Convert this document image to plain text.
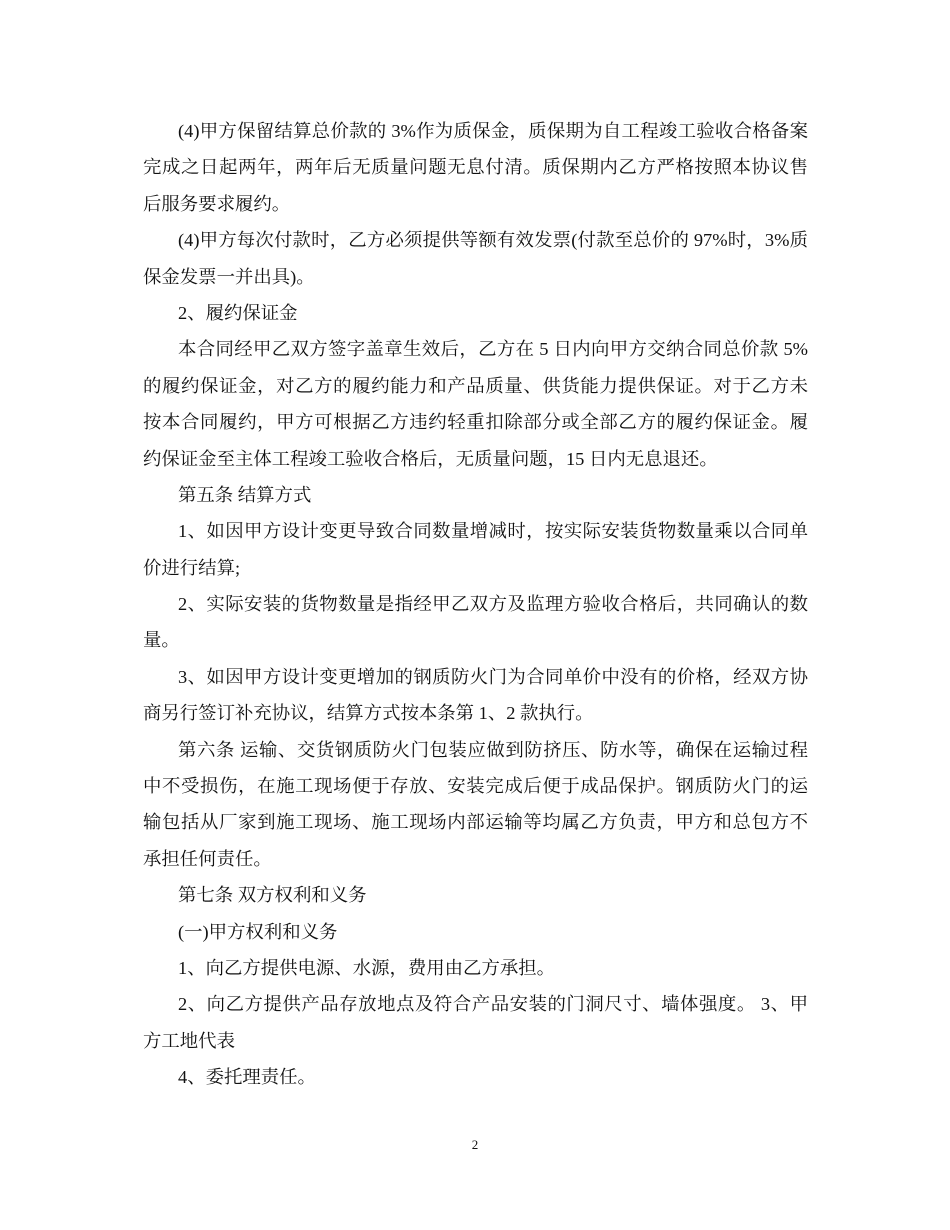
(4)甲方保留结算总价款的 3%作为质保金，质保期为自工程竣工验收合格备案
完成之日起两年，两年后无质量问题无息付清。质保期内乙方严格按照本协议售
后服务要求履约。
(4)甲方每次付款时，乙方必须提供等额有效发票(付款至总价的 97%时，3%质
保金发票一并出具)。
2、履约保证金
本合同经甲乙双方签字盖章生效后，乙方在 5 日内向甲方交纳合同总价款 5%
的履约保证金，对乙方的履约能力和产品质量、供货能力提供保证。对于乙方未
按本合同履约，甲方可根据乙方违约轻重扣除部分或全部乙方的履约保证金。履
约保证金至主体工程竣工验收合格后，无质量问题，15 日内无息退还。
第五条 结算方式
1、如因甲方设计变更导致合同数量增减时，按实际安装货物数量乘以合同单
价进行结算;
2、实际安装的货物数量是指经甲乙双方及监理方验收合格后，共同确认的数
量。
3、如因甲方设计变更增加的钢质防火门为合同单价中没有的价格，经双方协
商另行签订补充协议，结算方式按本条第 1、2 款执行。
第六条 运输、交货钢质防火门包装应做到防挤压、防水等，确保在运输过程
中不受损伤，在施工现场便于存放、安装完成后便于成品保护。钢质防火门的运
输包括从厂家到施工现场、施工现场内部运输等均属乙方负责，甲方和总包方不
承担任何责任。
第七条 双方权利和义务
(一)甲方权利和义务
1、向乙方提供电源、水源，费用由乙方承担。
2、向乙方提供产品存放地点及符合产品安装的门洞尺寸、墙体强度。 3、甲
方工地代表
4、委托理责任。
2
